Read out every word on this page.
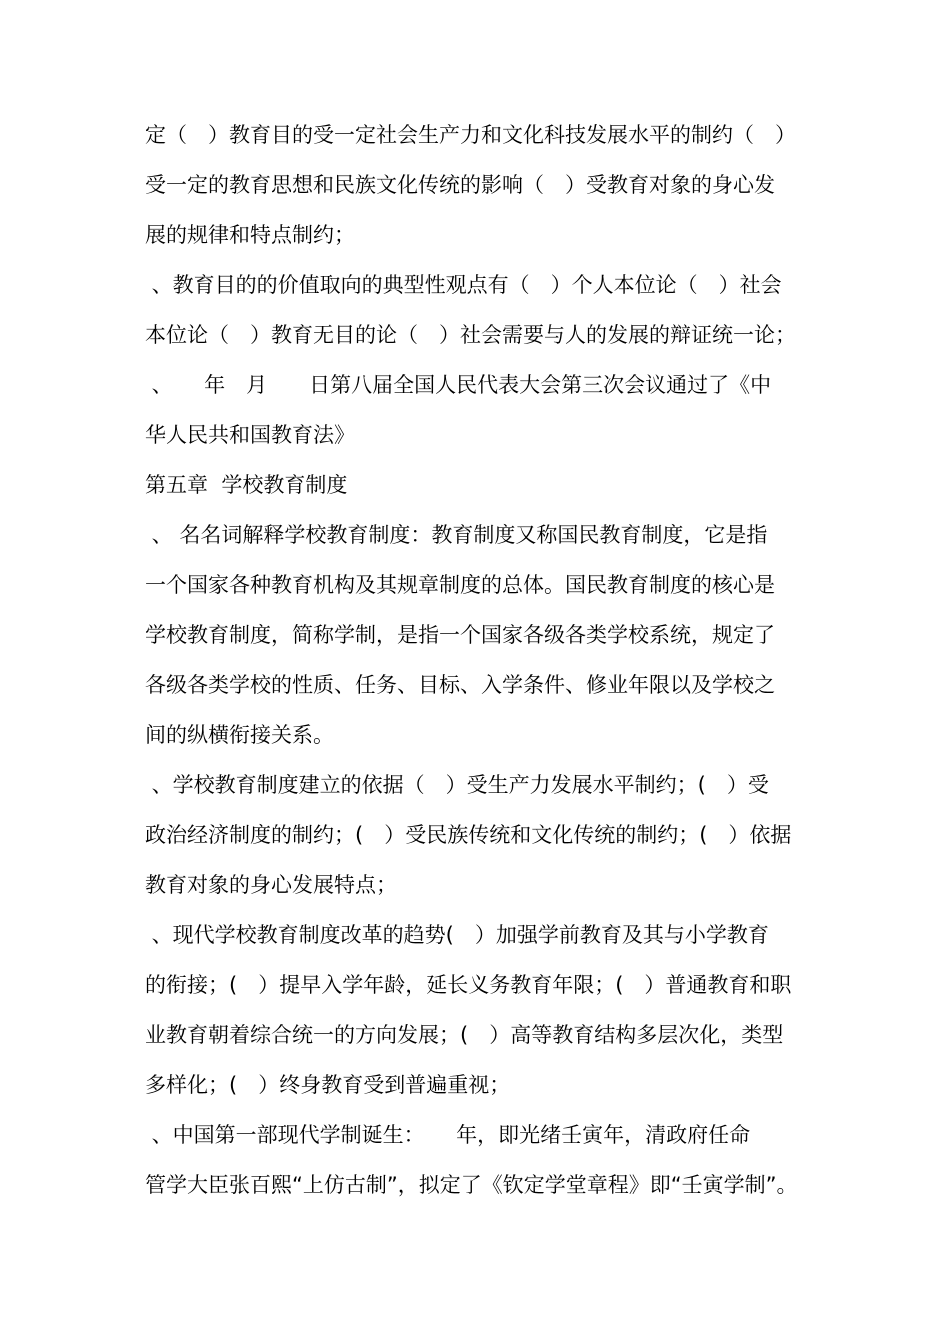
定（　）教育目的受一定社会生产力和文化科技发展水平的制约（　）
受一定的教育思想和民族文化传统的影响（　）受教育对象的身心发
展的规律和特点制约；
、教育目的的价值取向的典型性观点有（　）个人本位论（　）社会
本位论（　）教育无目的论（　）社会需要与人的发展的辩证统一论；
、　　年　月　　日第八届全国人民代表大会第三次会议通过了《中
华人民共和国教育法》
第五章  学校教育制度
、 名名词解释学校教育制度：教育制度又称国民教育制度，它是指
一个国家各种教育机构及其规章制度的总体。国民教育制度的核心是
学校教育制度，简称学制，是指一个国家各级各类学校系统，规定了
各级各类学校的性质、任务、目标、入学条件、修业年限以及学校之
间的纵横衔接关系。
、学校教育制度建立的依据（　）受生产力发展水平制约；(　）受
政治经济制度的制约；(　）受民族传统和文化传统的制约；(　）依据
教育对象的身心发展特点；
、现代学校教育制度改革的趋势(　）加强学前教育及其与小学教育
的衔接；(　）提早入学年龄，延长义务教育年限；(　）普通教育和职
业教育朝着综合统一的方向发展；(　）高等教育结构多层次化，类型
多样化；(　）终身教育受到普遍重视；
、中国第一部现代学制诞生：　　年，即光绪壬寅年，清政府任命
管学大臣张百熙“上仿古制”，拟定了《钦定学堂章程》即“壬寅学制”。
